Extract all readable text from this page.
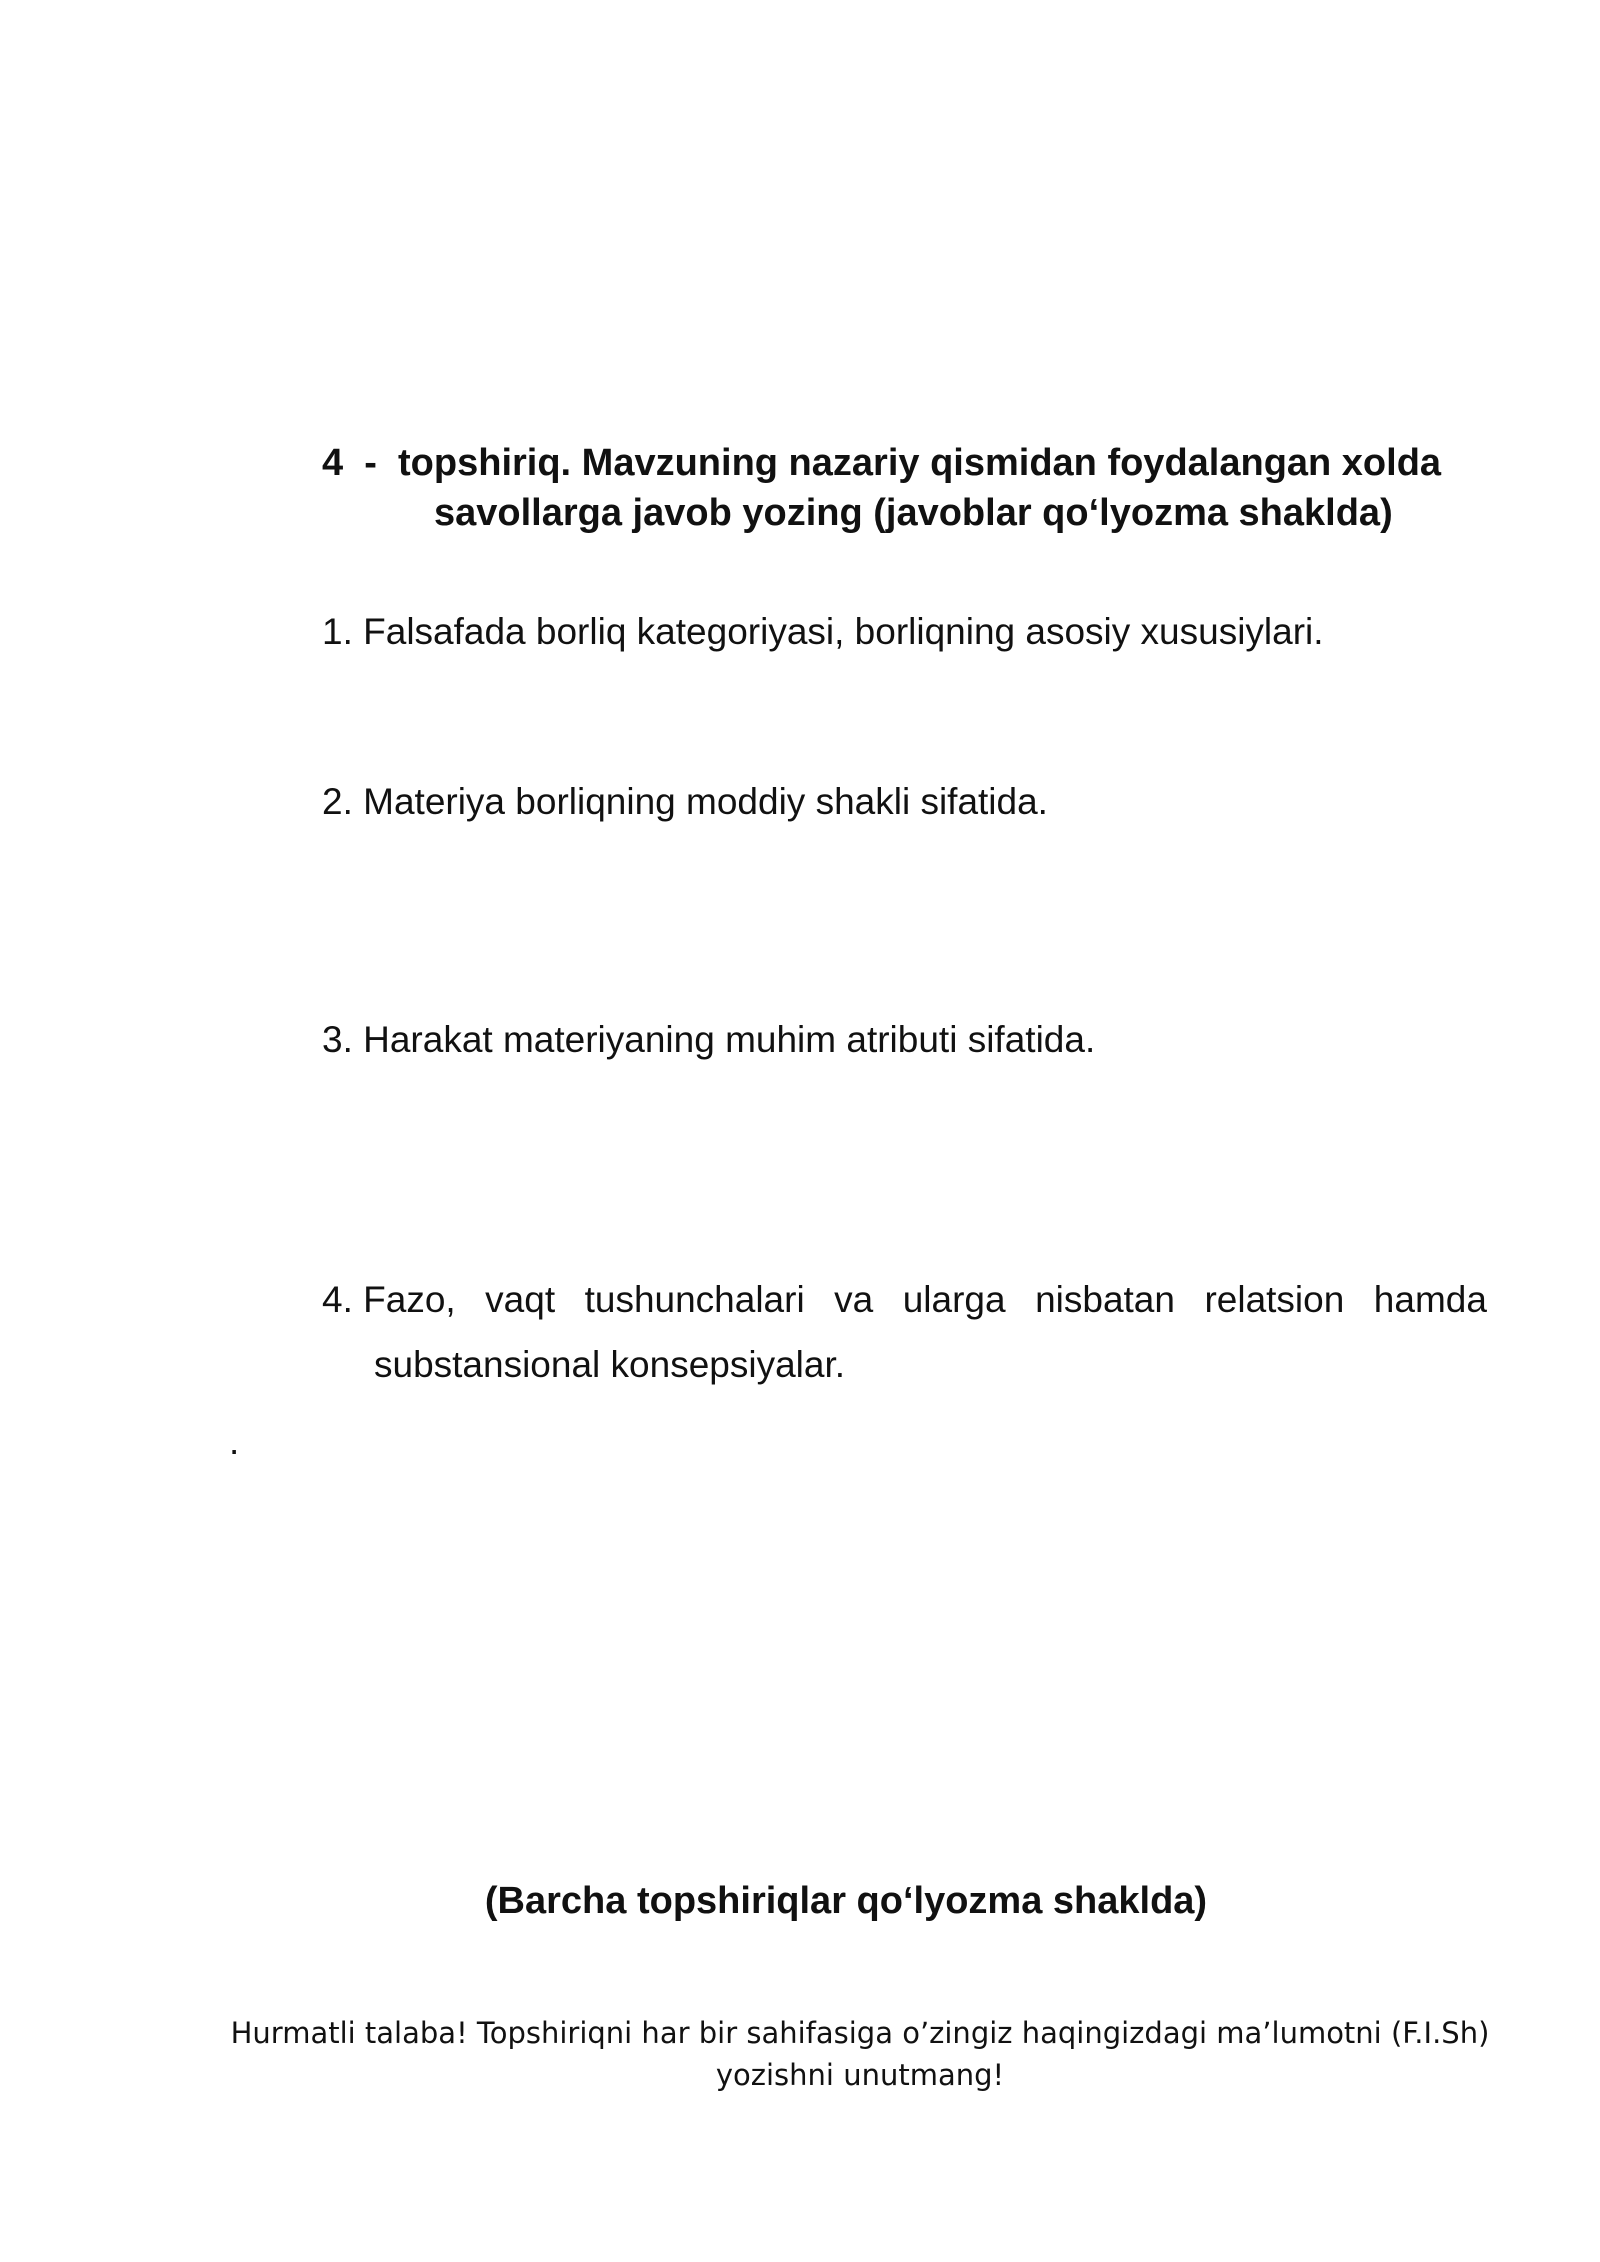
4  -  topshiriq. Mavzuning nazariy qismidan foydalangan xolda
savollarga javob yozing (javoblar qo‘lyozma shaklda)
1. Falsafada borliq kategoriyasi, borliqning asosiy xususiylari.
2. Materiya borliqning moddiy shakli sifatida.
3. Harakat materiyaning muhim atributi sifatida.
4. Fazo, vaqt tushunchalari va ularga nisbatan relatsion hamda
substansional konsepsiyalar.
.
(Barcha topshiriqlar qo‘lyozma shaklda)
Hurmatli talaba! Topshiriqni har bir sahifasiga o’zingiz haqingizdagi ma’lumotni (F.I.Sh)
yozishni unutmang!
